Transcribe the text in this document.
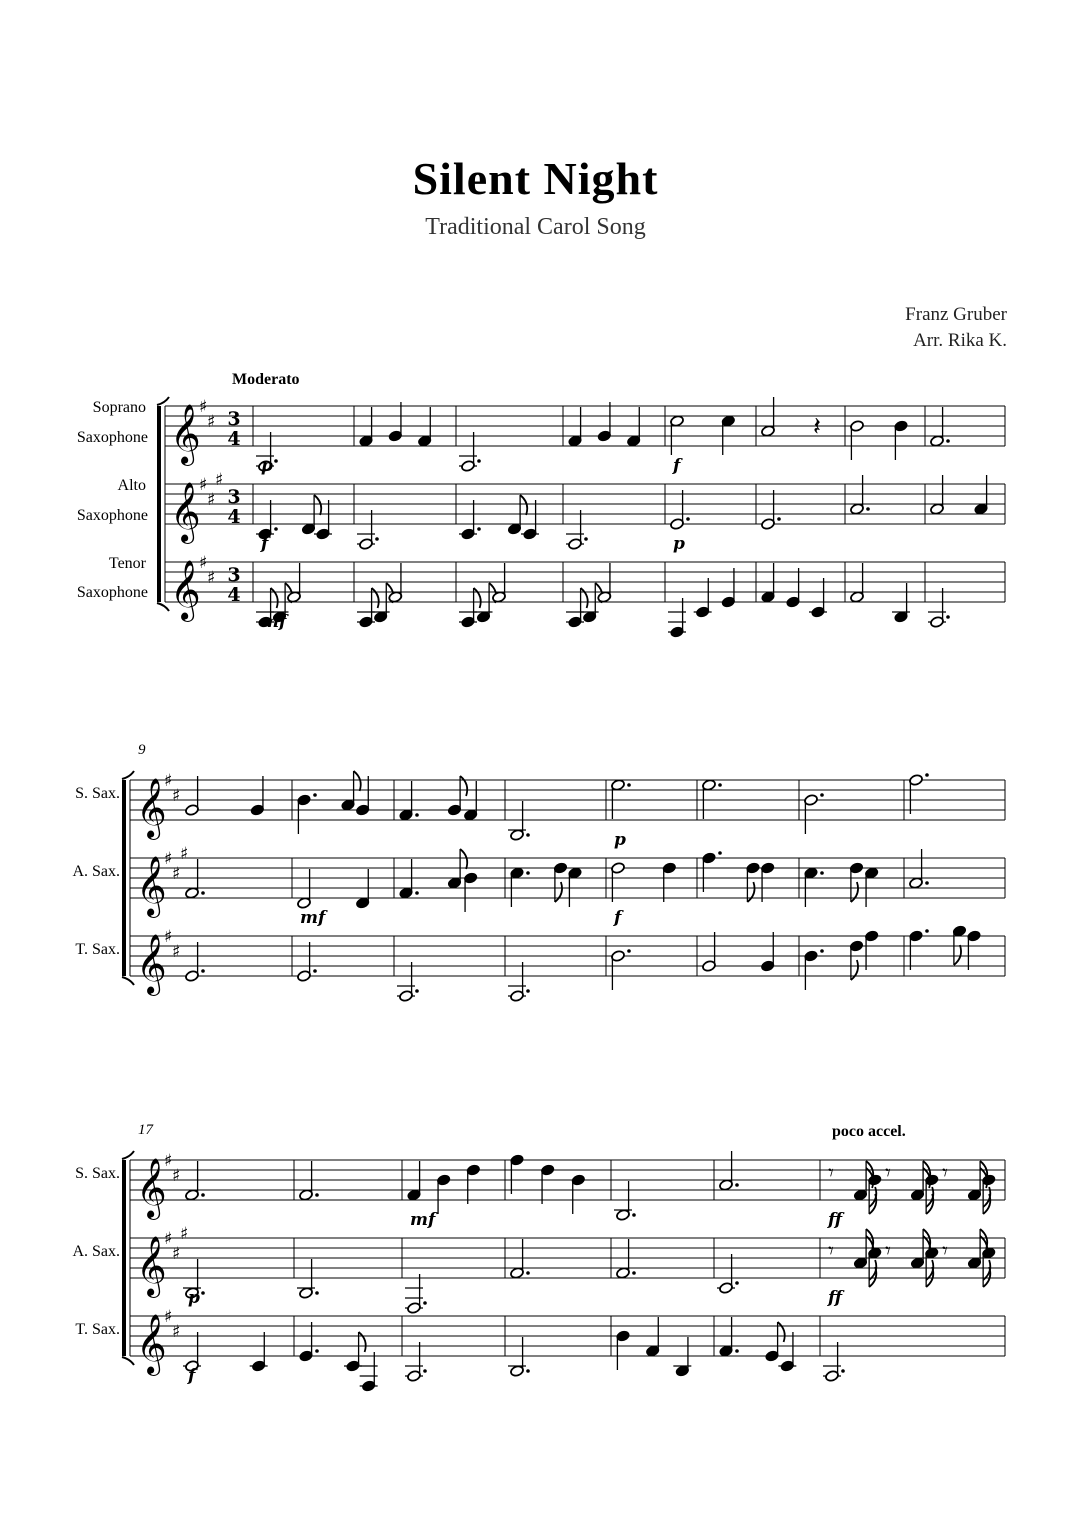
Silent Night
Traditional Carol Song
Franz Gruber
Arr. Rika K.
Moderato
poco accel.
Soprano
Saxophone
Alto
Saxophone
Tenor
Saxophone
S. Sax.
A. Sax.
T. Sax.
S. Sax.
A. Sax.
T. Sax.
9
17
𝄞
♯
♯ 3
4	𝄽
𝄞
♯
♯
♯
3
4
𝄞
♯
♯ 3
4
p	f
f	p
mf
𝄞
♯
♯
𝄞
♯
♯
♯
𝄞
♯
♯
p
mf	f
𝄞
♯
♯	𝄾 𝄾 𝄾
𝄞
♯
♯
♯
𝄾 𝄾 𝄾
𝄞
♯
♯
mf	ff
p	ff
f
